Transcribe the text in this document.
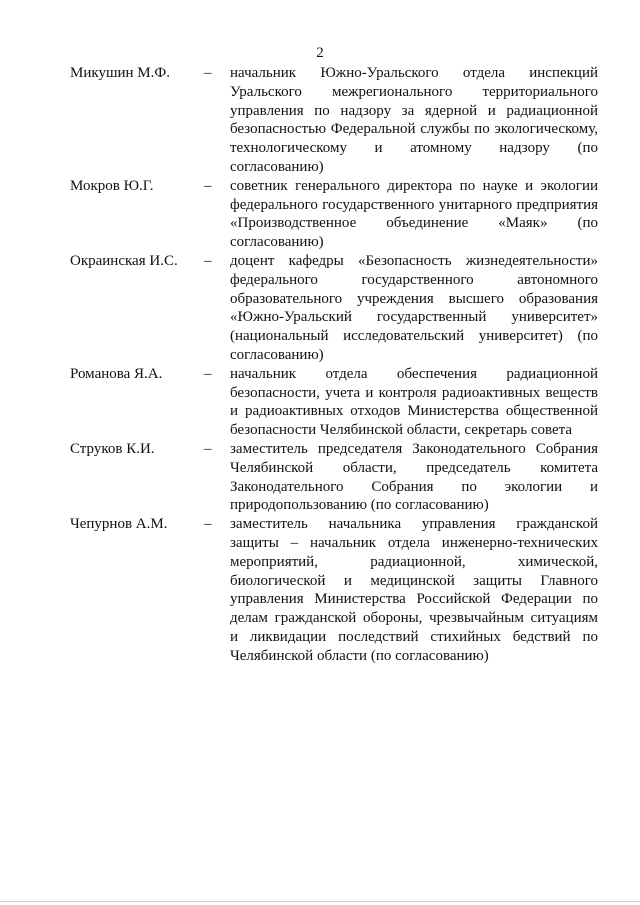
2
Микушин М.Ф. – начальник Южно-Уральского отдела инспекций Уральского межрегионального территориального управления по надзору за ядерной и радиационной безопасностью Федеральной службы по экологическому, технологическому и атомному надзору (по согласованию)
Мокров Ю.Г.	– советник генерального директора по науке и экологии федерального государственного унитарного предприятия «Производственное объединение «Маяк» (по согласованию)
Окраинская И.С. – доцент кафедры «Безопасность жизнедеятельности» федерального государственного автономного образовательного учреждения высшего образования «Южно-Уральский государственный университет» (национальный исследовательский университет) (по согласованию)
Романова Я.А.	– начальник отдела обеспечения радиационной безопасности, учета и контроля радиоактивных веществ и радиоактивных отходов Министерства общественной безопасности Челябинской области, секретарь совета
Струков К.И.	– заместитель председателя Законодательного Собрания Челябинской области, председатель комитета Законодательного Собрания по экологии и природопользованию (по согласованию)
Чепурнов А.М. – заместитель начальника управления гражданской защиты – начальник отдела инженерно-технических мероприятий, радиационной, химической, биологической и медицинской защиты Главного управления Министерства Российской Федерации по делам гражданской обороны, чрезвычайным ситуациям и ликвидации последствий стихийных бедствий по Челябинской области (по согласованию)
